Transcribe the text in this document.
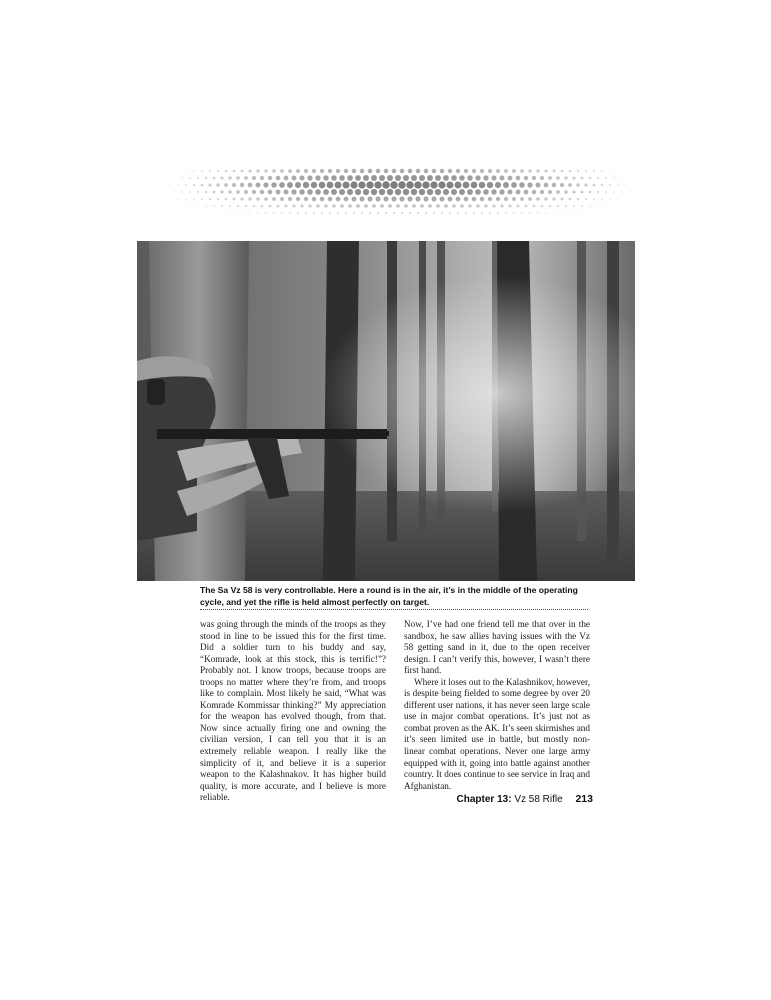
The Sa Vz 58 is very controllable. Here a round is in the air, it’s in the middle of the operating cycle, and yet the rifle is held almost perfectly on target.

was going through the minds of the troops as they stood in line to be issued this for the first time. Did a soldier turn to his buddy and say, “Komrade, look at this stock, this is terrific!”? Probably not. I know troops, because troops are troops no matter where they’re from, and troops like to complain. Most likely he said, “What was Komrade Kommissar thinking?” My appreciation for the weapon has evolved though, from that. Now since actually firing one and owning the civilian version, I can tell you that it is an extremely reliable weapon. I really like the simplicity of it, and believe it is a superior weapon to the Kalashnakov. It has higher build quality, is more accurate, and I believe is more reliable.

Now, I’ve had one friend tell me that over in the sandbox, he saw allies having issues with the Vz 58 getting sand in it, due to the open receiver design. I can’t verify this, however, I wasn’t there first hand.

Where it loses out to the Kalashnikov, however, is despite being fielded to some degree by over 20 different user nations, it has never seen large scale use in major combat operations. It’s just not as combat proven as the AK. It’s seen skirmishes and it’s seen limited use in battle, but mostly non-linear combat operations. Never one large army equipped with it, going into battle against another country. It does continue to see service in Iraq and Afghanistan.

Chapter 13: Vz 58 Rifle 213
